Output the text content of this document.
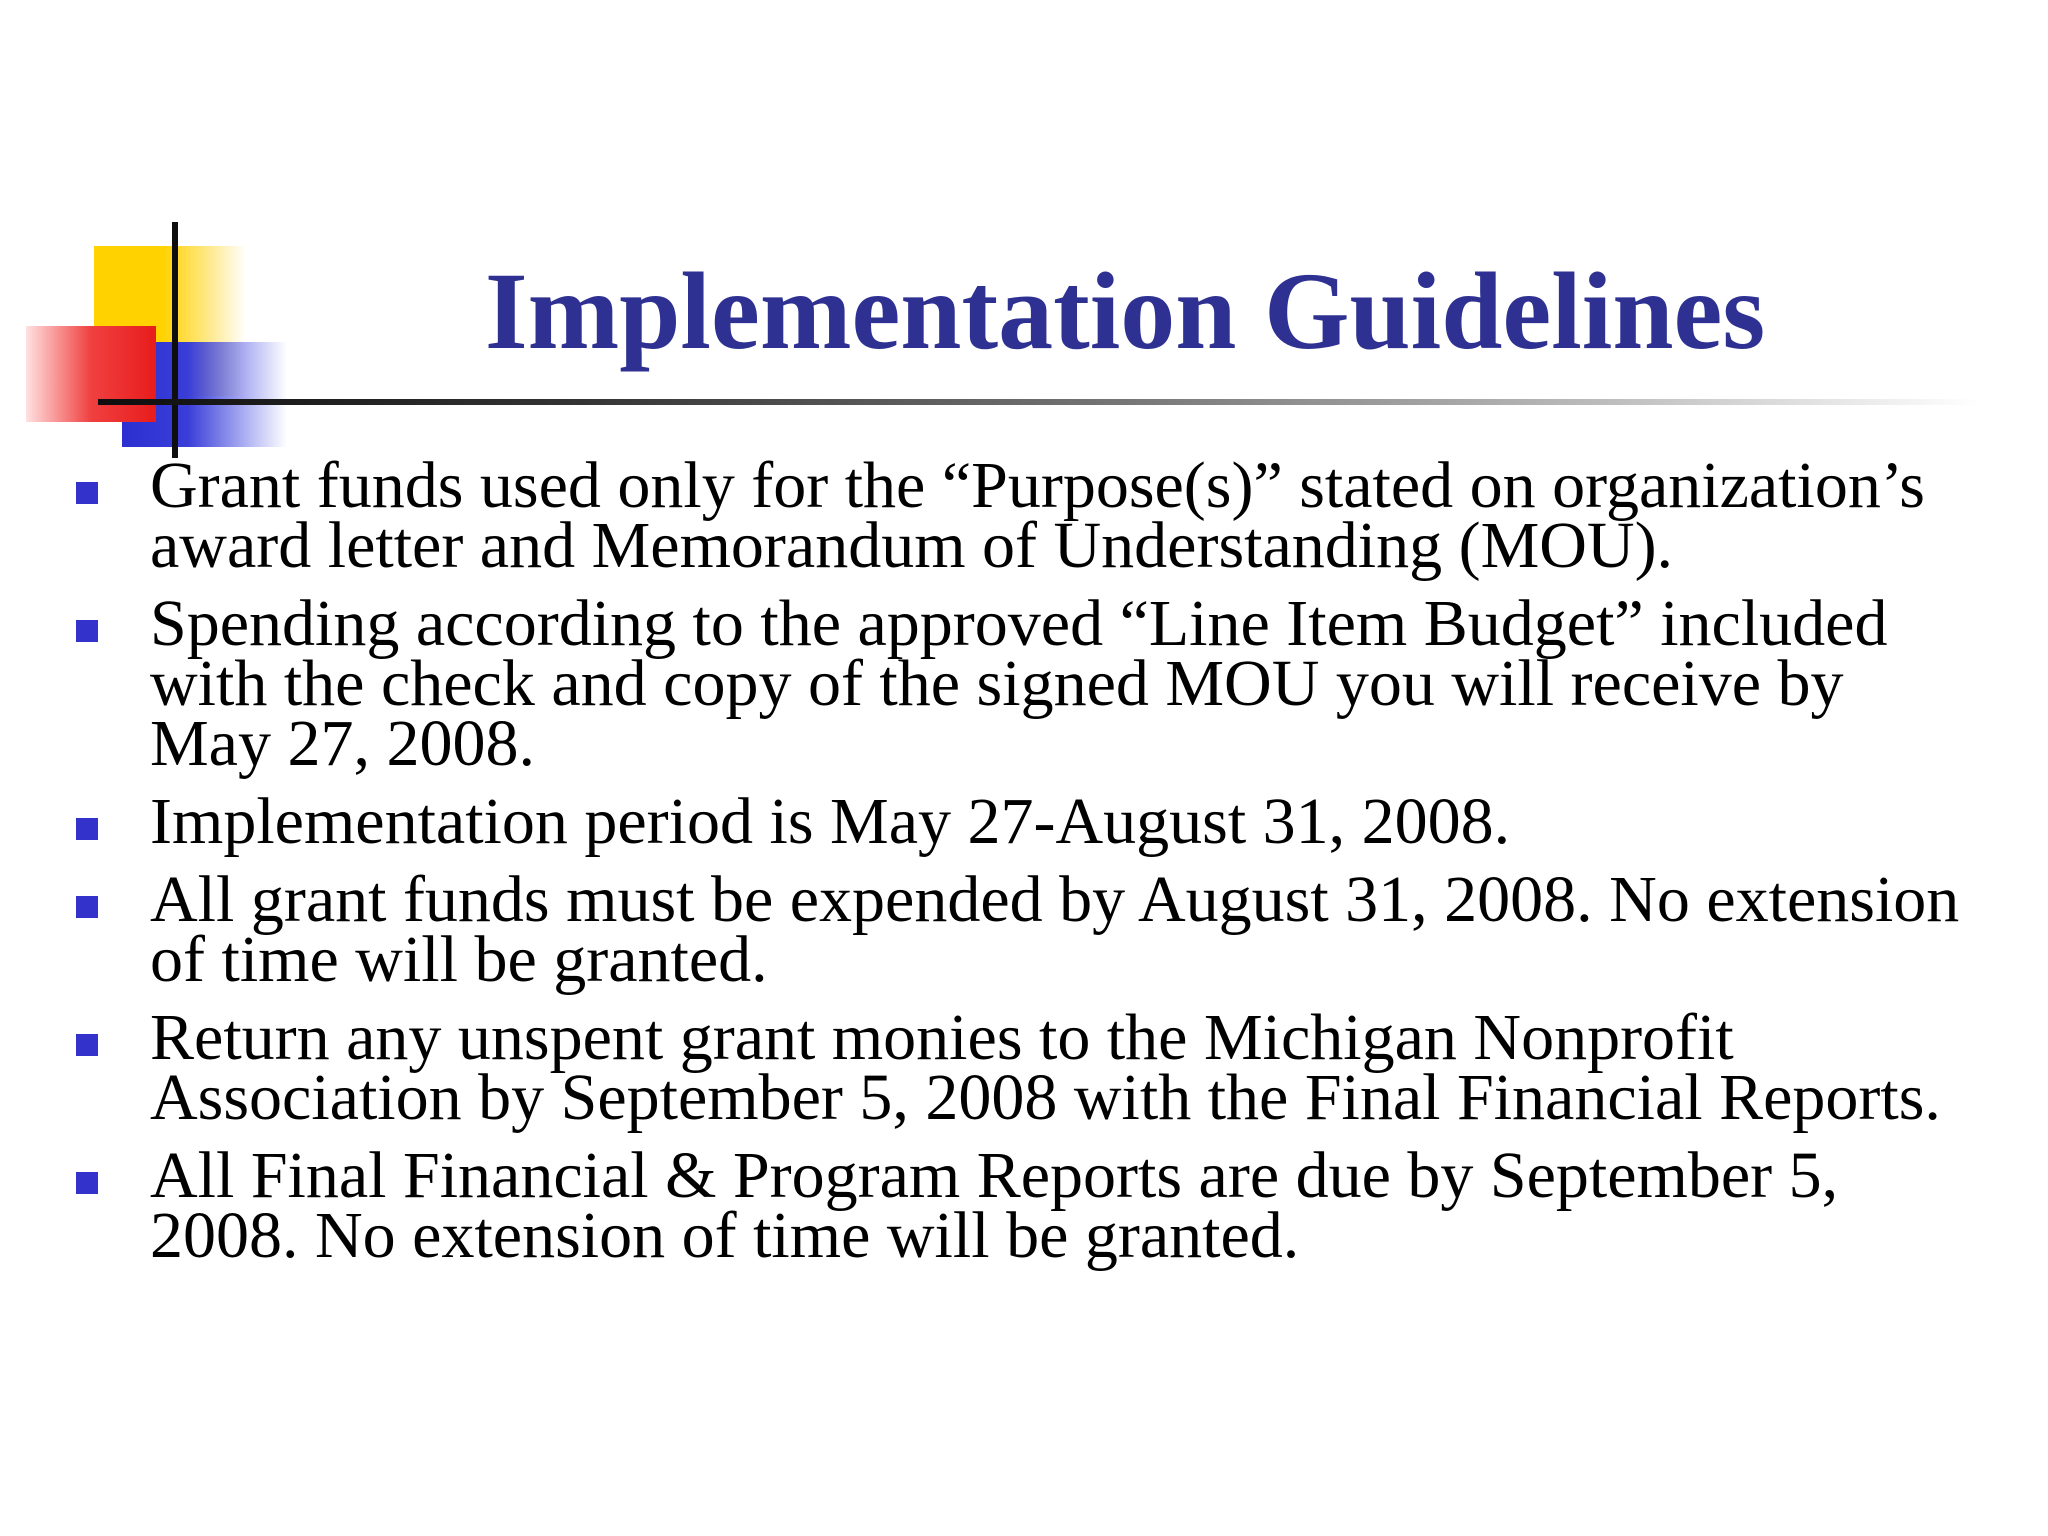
Implementation Guidelines
Grant funds used only for the “Purpose(s)” stated on organization’s award letter and Memorandum of Understanding (MOU).
Spending according to the approved “Line Item Budget” included with the check and copy of the signed MOU you will receive by May 27, 2008.
Implementation period is May 27-August 31, 2008.
All grant funds must be expended by August 31, 2008. No extension of time will be granted.
Return any unspent grant monies to the Michigan Nonprofit Association by September 5, 2008 with the Final Financial Reports.
All Final Financial & Program Reports are due by September 5, 2008. No extension of time will be granted.
